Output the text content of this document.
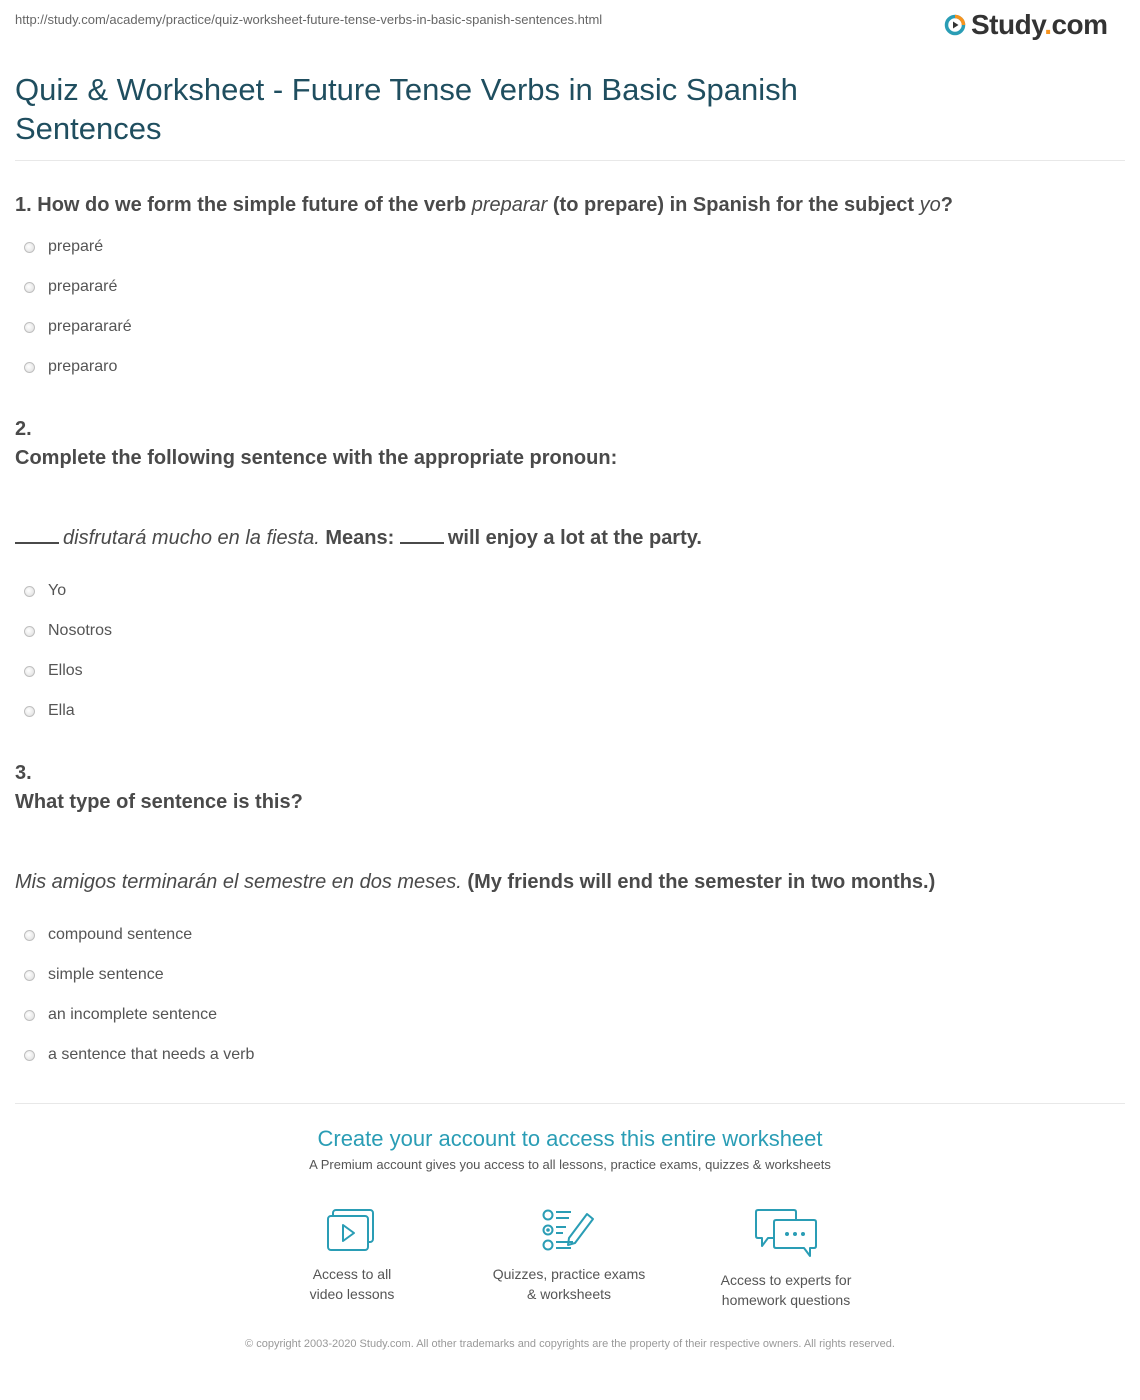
http://study.com/academy/practice/quiz-worksheet-future-tense-verbs-in-basic-spanish-sentences.html	Study.com
Quiz & Worksheet - Future Tense Verbs in Basic Spanish Sentences
1. How do we form the simple future of the verb preparar (to prepare) in Spanish for the subject yo?
preparé
prepararé
preparararé
prepararo
2.
Complete the following sentence with the appropriate pronoun:
disfrutará mucho en la fiesta. Means:	will enjoy a lot at the party.
Yo
Nosotros
Ellos
Ella
3.
What type of sentence is this?
Mis amigos terminarán el semestre en dos meses. (My friends will end the semester in two months.)
compound sentence
simple sentence
an incomplete sentence
a sentence that needs a verb
Create your account to access this entire worksheet
A Premium account gives you access to all lessons, practice exams, quizzes & worksheets
Access to all
video lessons
Quizzes, practice exams
& worksheets
Access to experts for
homework questions
© copyright 2003-2020 Study.com. All other trademarks and copyrights are the property of their respective owners. All rights reserved.
